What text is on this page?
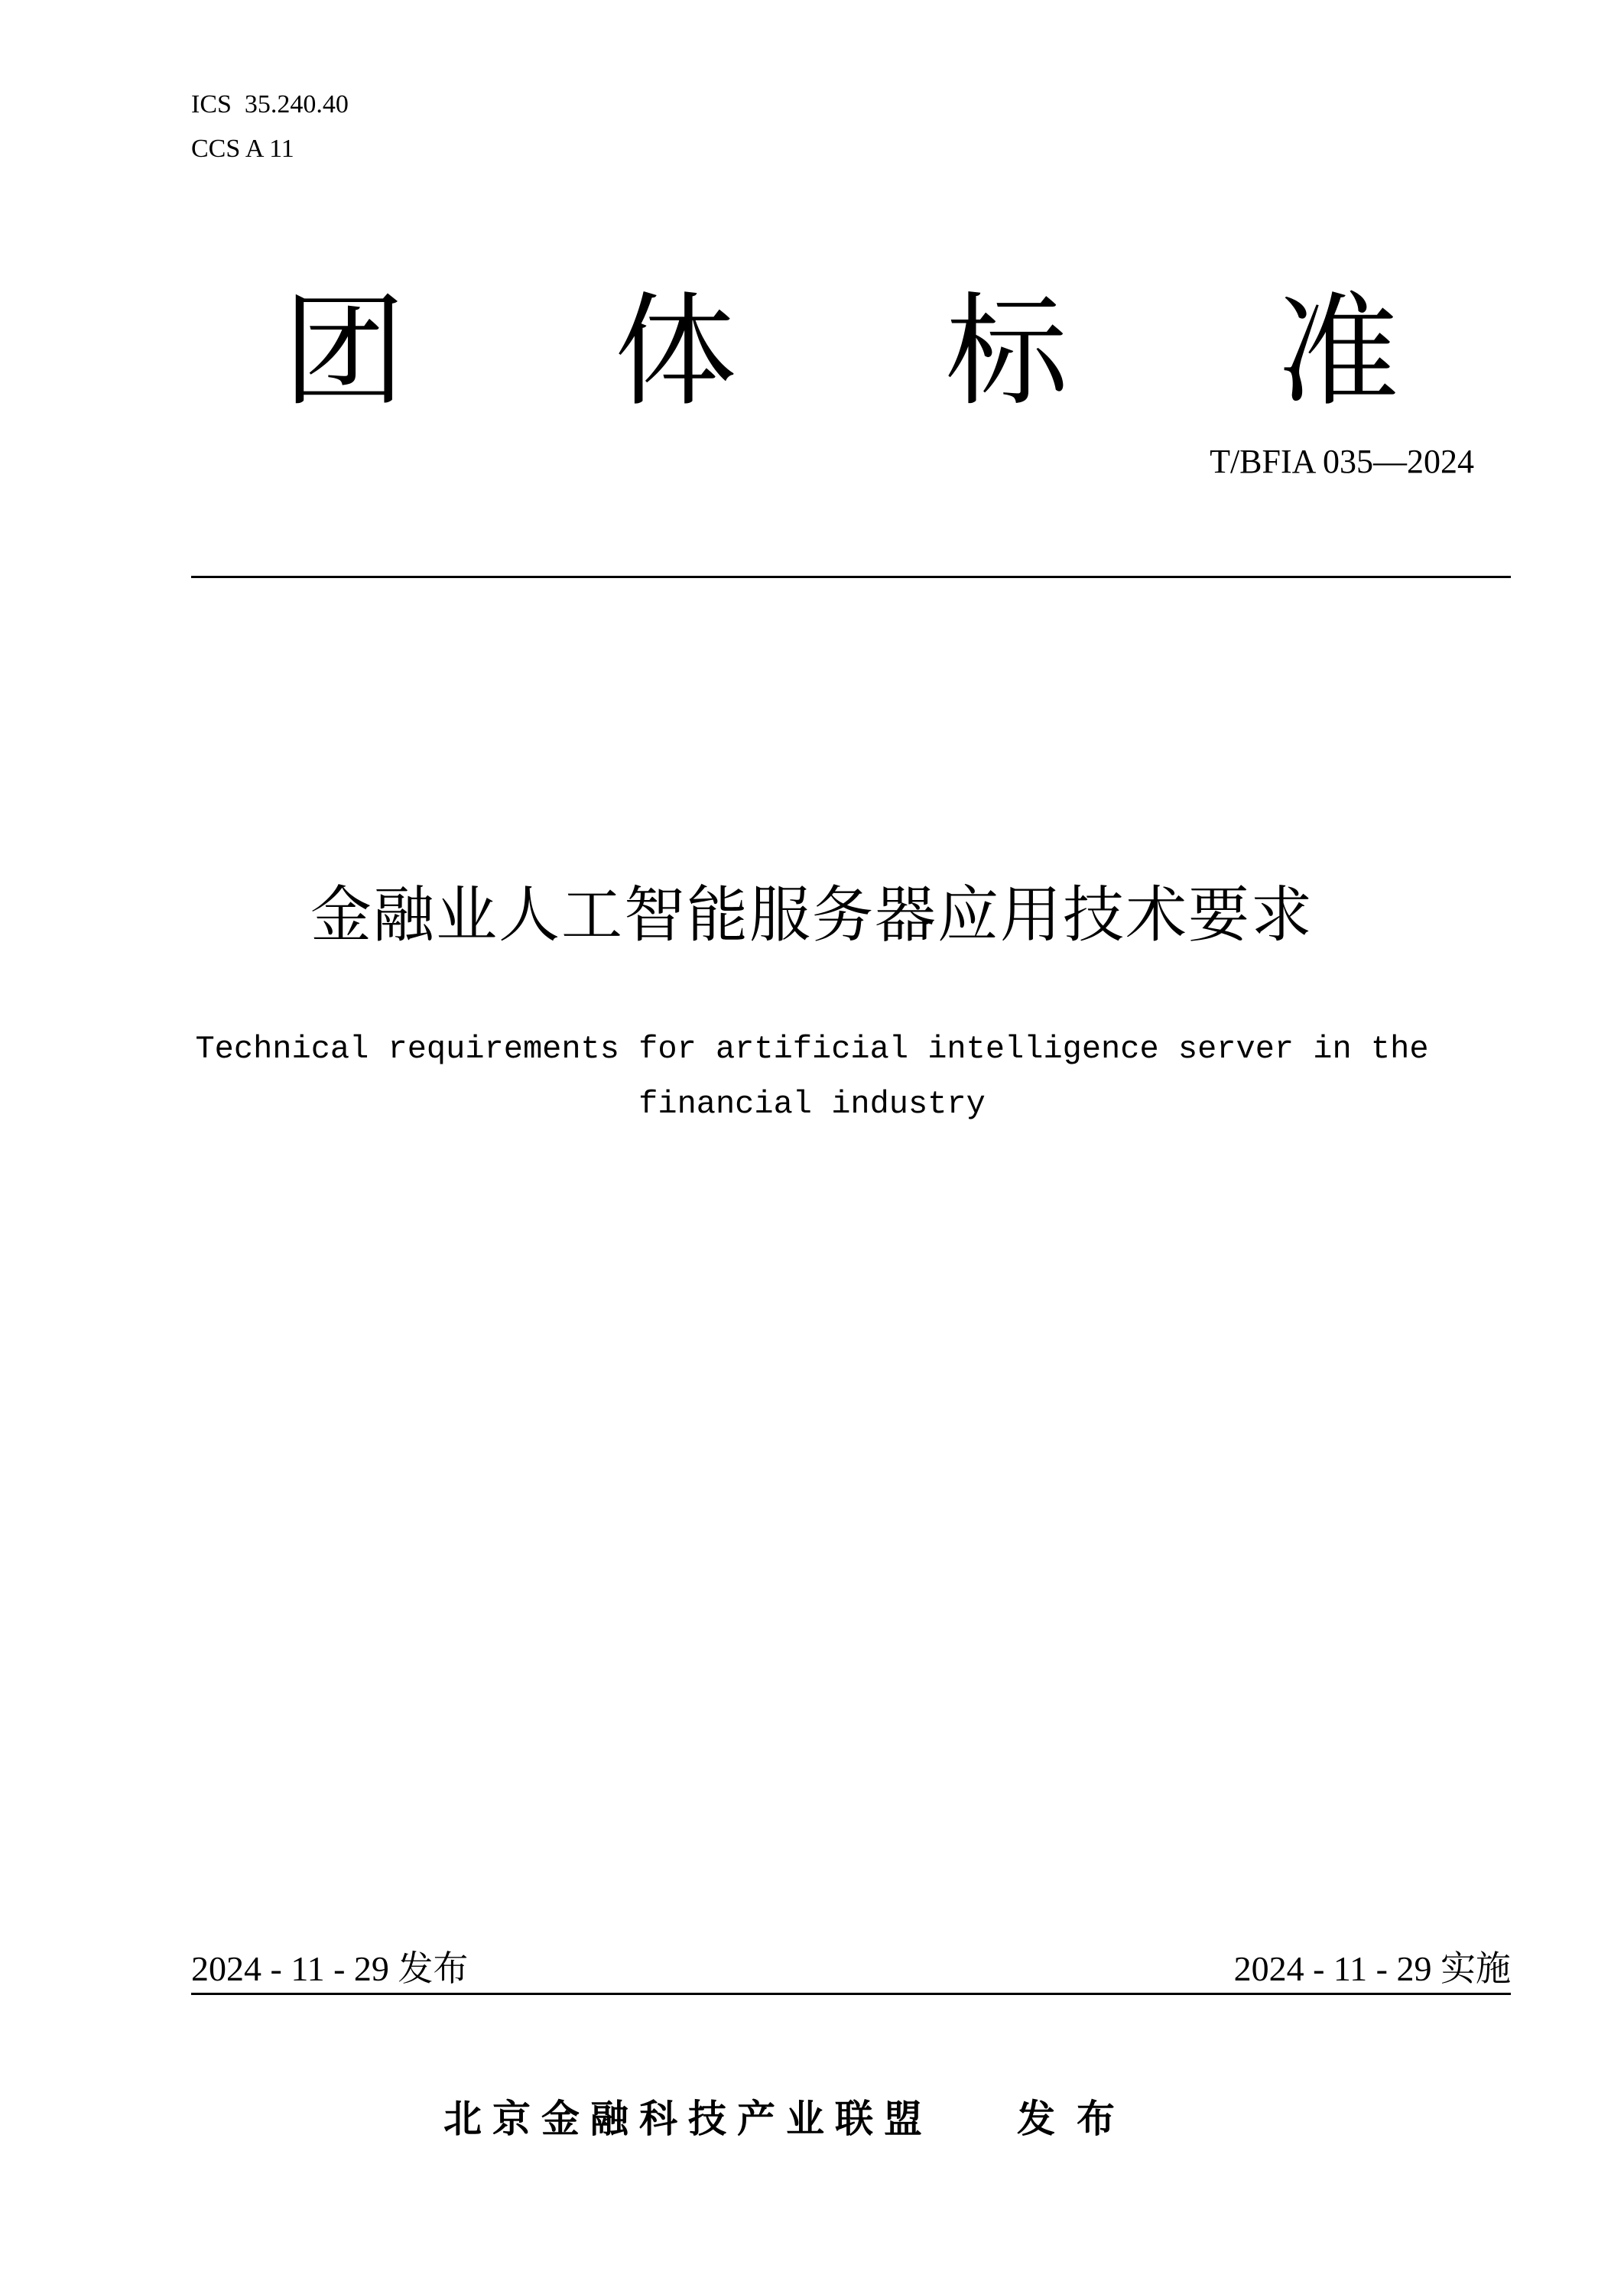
ICS  35.240.40
CCS A 11
团 体 标 准
T/BFIA 035—2024
金融业人工智能服务器应用技术要求
Technical requirements for artificial intelligence server in the financial industry
2024 - 11 - 29 发布	2024 - 11 - 29 实施
北京金融科技产业联盟 发布
